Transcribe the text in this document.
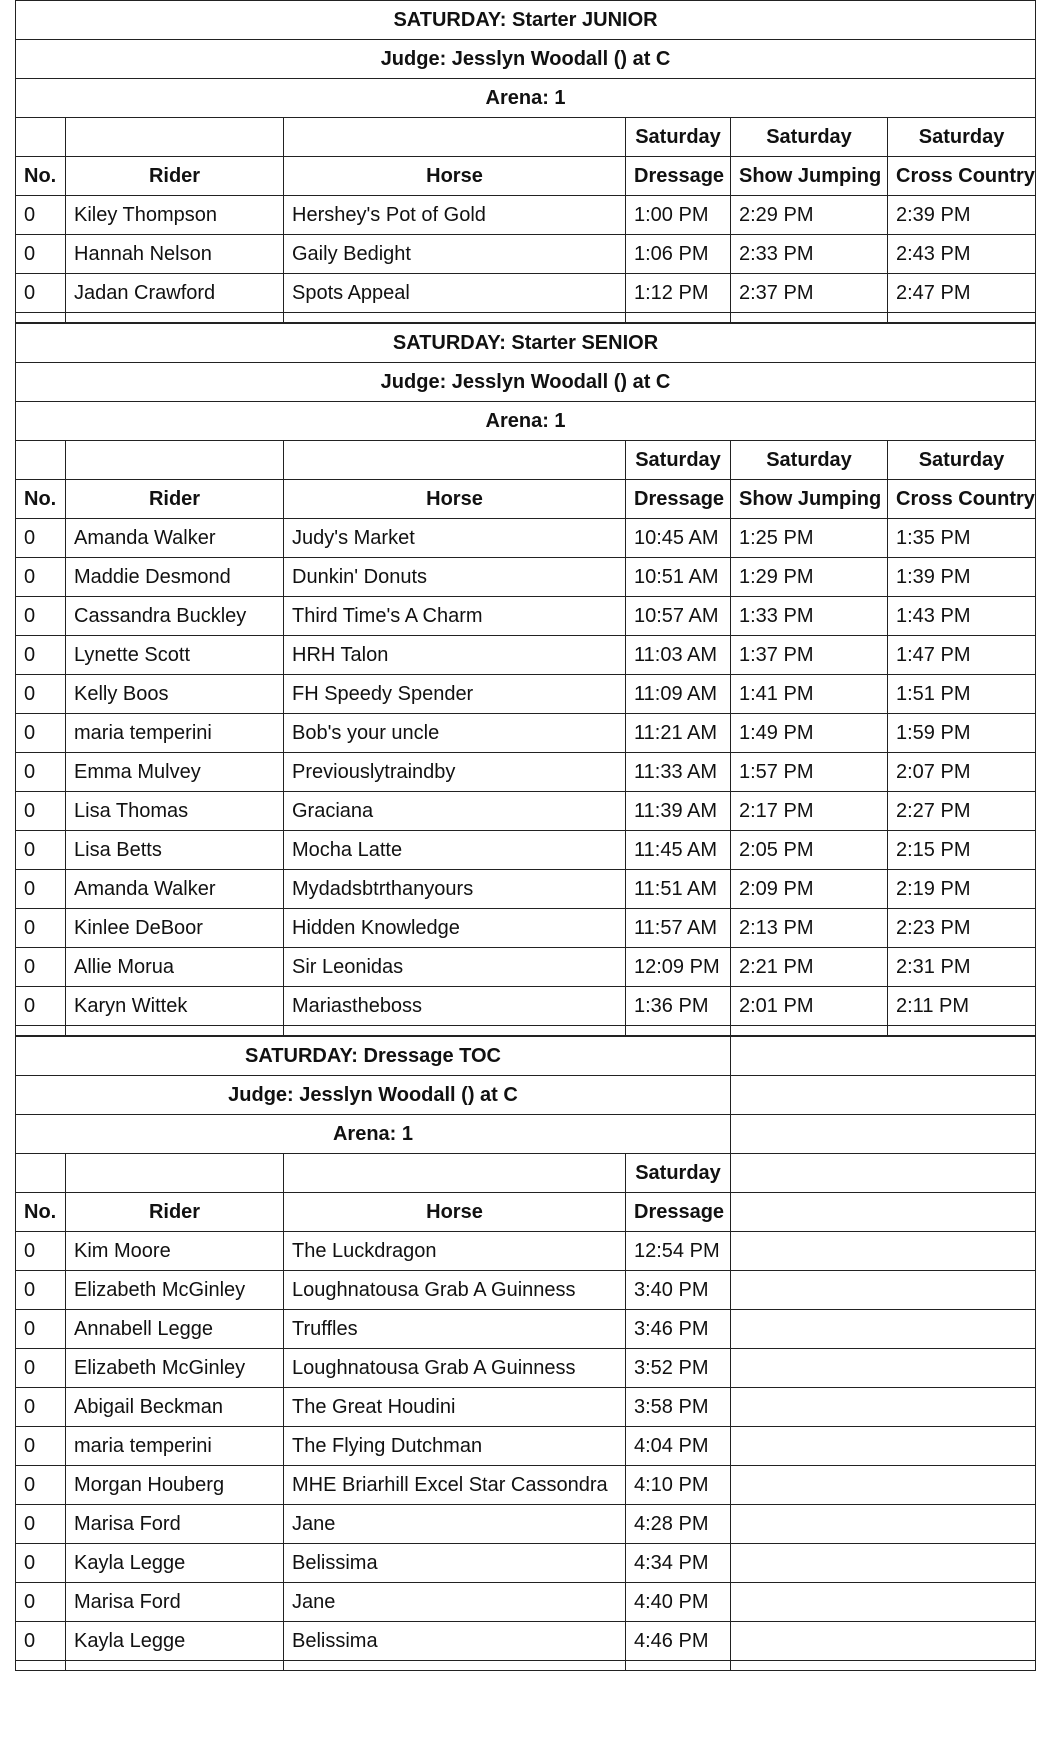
SATURDAY: Starter JUNIOR					
Judge: Jesslyn Woodall () at C					
Arena: 1					
			Saturday	Saturday	Saturday
No.	Rider	Horse	Dressage	Show Jumping	Cross Country
0	Kiley Thompson	Hershey's Pot of Gold	1:00 PM	2:29 PM	2:39 PM
0	Hannah Nelson	Gaily Bedight	1:06 PM	2:33 PM	2:43 PM
0	Jadan Crawford	Spots Appeal	1:12 PM	2:37 PM	2:47 PM

SATURDAY: Starter SENIOR					
Judge: Jesslyn Woodall () at C					
Arena: 1					
			Saturday	Saturday	Saturday
No.	Rider	Horse	Dressage	Show Jumping	Cross Country
0	Amanda Walker	Judy's Market	10:45 AM	1:25 PM	1:35 PM
0	Maddie Desmond	Dunkin' Donuts	10:51 AM	1:29 PM	1:39 PM
0	Cassandra Buckley	Third Time's A Charm	10:57 AM	1:33 PM	1:43 PM
0	Lynette Scott	HRH Talon	11:03 AM	1:37 PM	1:47 PM
0	Kelly Boos	FH Speedy Spender	11:09 AM	1:41 PM	1:51 PM
0	maria temperini	Bob's your uncle	11:21 AM	1:49 PM	1:59 PM
0	Emma Mulvey	Previouslytraindby	11:33 AM	1:57 PM	2:07 PM
0	Lisa Thomas	Graciana	11:39 AM	2:17 PM	2:27 PM
0	Lisa Betts	Mocha Latte	11:45 AM	2:05 PM	2:15 PM
0	Amanda Walker	Mydadsbtrthanyours	11:51 AM	2:09 PM	2:19 PM
0	Kinlee DeBoor	Hidden Knowledge	11:57 AM	2:13 PM	2:23 PM
0	Allie Morua	Sir Leonidas	12:09 PM	2:21 PM	2:31 PM
0	Karyn Wittek	Mariastheboss	1:36 PM	2:01 PM	2:11 PM

SATURDAY: Dressage TOC				
Judge: Jesslyn Woodall () at C				
Arena: 1				
			Saturday	
No.	Rider	Horse	Dressage	
0	Kim Moore	The Luckdragon	12:54 PM	
0	Elizabeth McGinley	Loughnatousa Grab A Guinness	3:40 PM	
0	Annabell Legge	Truffles	3:46 PM	
0	Elizabeth McGinley	Loughnatousa Grab A Guinness	3:52 PM	
0	Abigail Beckman	The Great Houdini	3:58 PM	
0	maria temperini	The Flying Dutchman	4:04 PM	
0	Morgan Houberg	MHE Briarhill Excel Star Cassondra	4:10 PM	
0	Marisa Ford	Jane	4:28 PM	
0	Kayla Legge	Belissima	4:34 PM	
0	Marisa Ford	Jane	4:40 PM	
0	Kayla Legge	Belissima	4:46 PM	
